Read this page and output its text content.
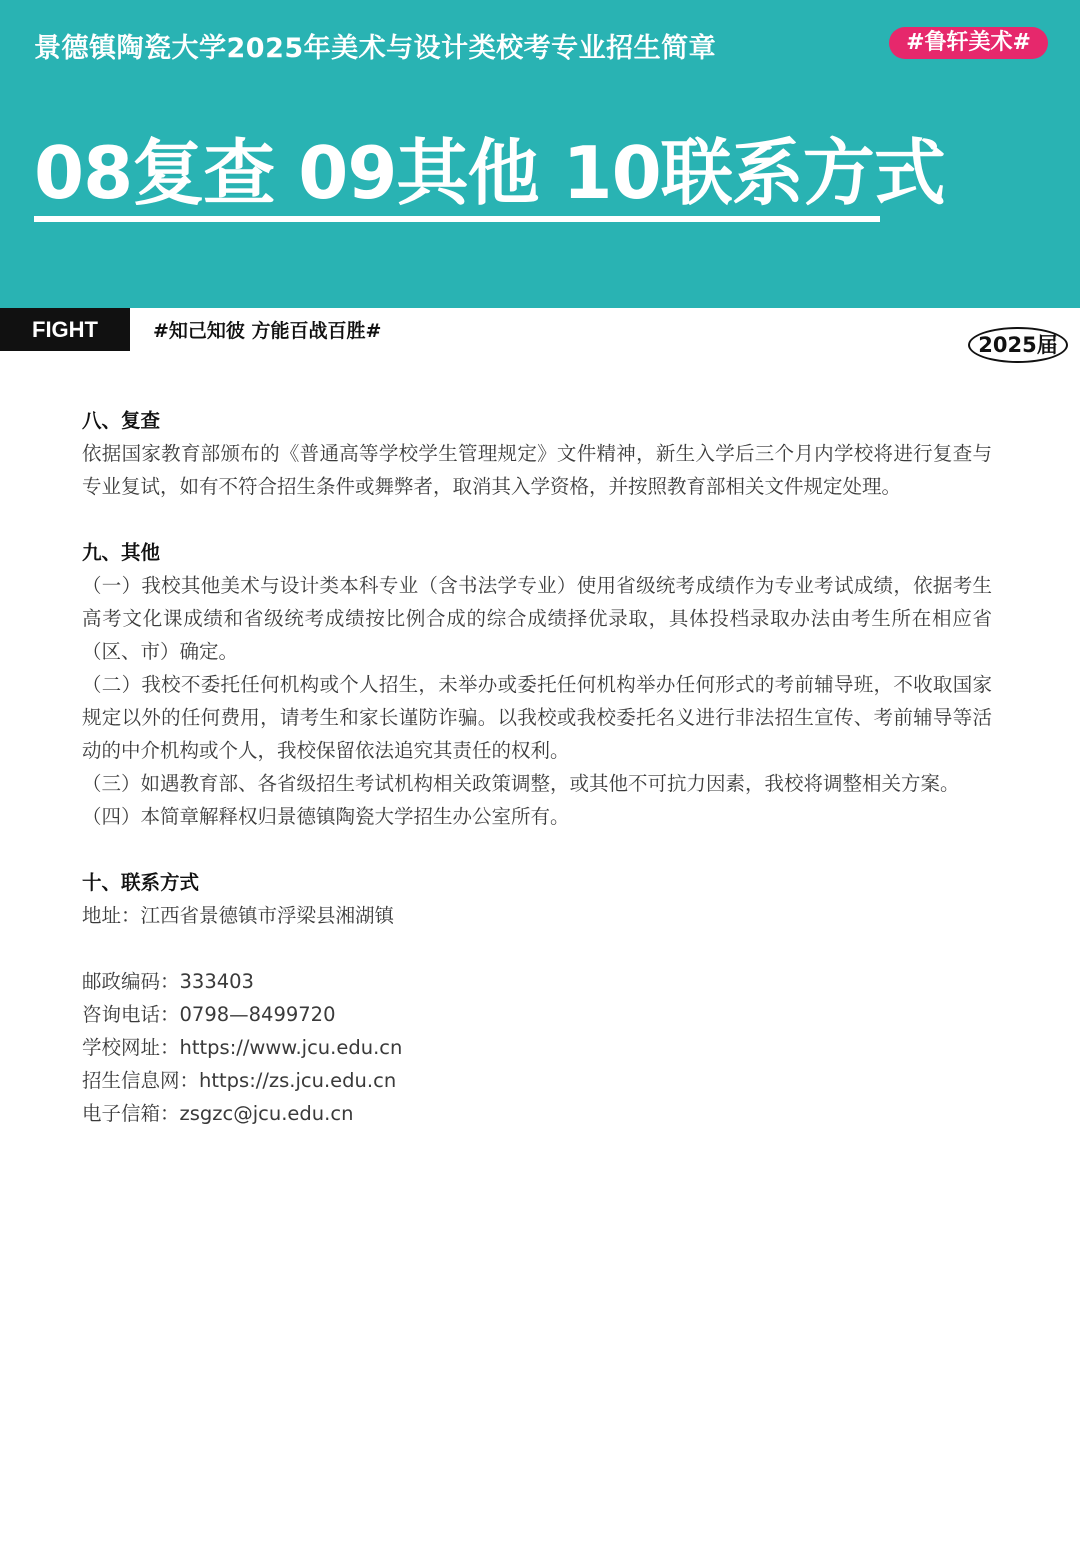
景德镇陶瓷大学2025年美术与设计类校考专业招生简章	#鲁轩美术#
08复查 09其他 10联系方式
FIGHT	#知己知彼 方能百战百胜#
2025届
八、复查

依据国家教育部颁布的《普通高等学校学生管理规定》文件精神，新生入学后三个月内学校将进行复查与专业复试，如有不符合招生条件或舞弊者，取消其入学资格，并按照教育部相关文件规定处理。

九、其他

（一）我校其他美术与设计类本科专业（含书法学专业）使用省级统考成绩作为专业考试成绩，依据考生高考文化课成绩和省级统考成绩按比例合成的综合成绩择优录取，具体投档录取办法由考生所在相应省（区、市）确定。

（二）我校不委托任何机构或个人招生，未举办或委托任何机构举办任何形式的考前辅导班，不收取国家规定以外的任何费用，请考生和家长谨防诈骗。以我校或我校委托名义进行非法招生宣传、考前辅导等活动的中介机构或个人，我校保留依法追究其责任的权利。

（三）如遇教育部、各省级招生考试机构相关政策调整，或其他不可抗力因素，我校将调整相关方案。

（四）本简章解释权归景德镇陶瓷大学招生办公室所有。

十、联系方式

地址：江西省景德镇市浮梁县湘湖镇

邮政编码：333403

咨询电话：0798—8499720

学校网址：https://www.jcu.edu.cn

招生信息网：https://zs.jcu.edu.cn

电子信箱：zsgzc@jcu.edu.cn
